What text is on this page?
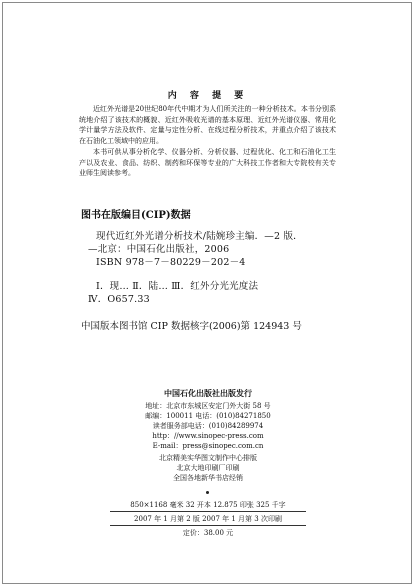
内 容 提 要

近红外光谱是20世纪80年代中期才为人们所关注的一种分析技术。本书分别系统地介绍了该技术的概貌、近红外吸收光谱的基本原理、近红外光谱仪器、常用化学计量学方法及软件、定量与定性分析、在线过程分析技术，并重点介绍了该技术在石油化工领域中的应用。

本书可供从事分析化学、仪器分析、分析仪器、过程优化、化工和石油化工生产以及农业、食品、纺织、制药和环保等专业的广大科技工作者和大专院校有关专业师生阅读参考。

图书在版编目(CIP)数据
现代近红外光谱分析技术/陆婉珍主编．—2 版．
—北京：中国石化出版社，2006
ISBN 978－7－80229－202－4
Ⅰ．现… Ⅱ．陆… Ⅲ．红外分光光度法
Ⅳ．O657.33
中国版本图书馆 CIP 数据核字(2006)第 124943 号
中国石化出版社出版发行
地址：北京市东城区安定门外大街 58 号
邮编：100011 电话：(010)84271850
读者服务部电话：(010)84289974
http：//www.sinopec-press.com
E-mail：press@sinopec.com.cn
北京精美实华图文制作中心排版
北京大地印刷厂印刷
全国各地新华书店经销
850×1168 毫米 32 开本 12.875 印张 325 千字
2007 年 1 月第 2 版 2007 年 1 月第 3 次印刷
定价：38.00 元
